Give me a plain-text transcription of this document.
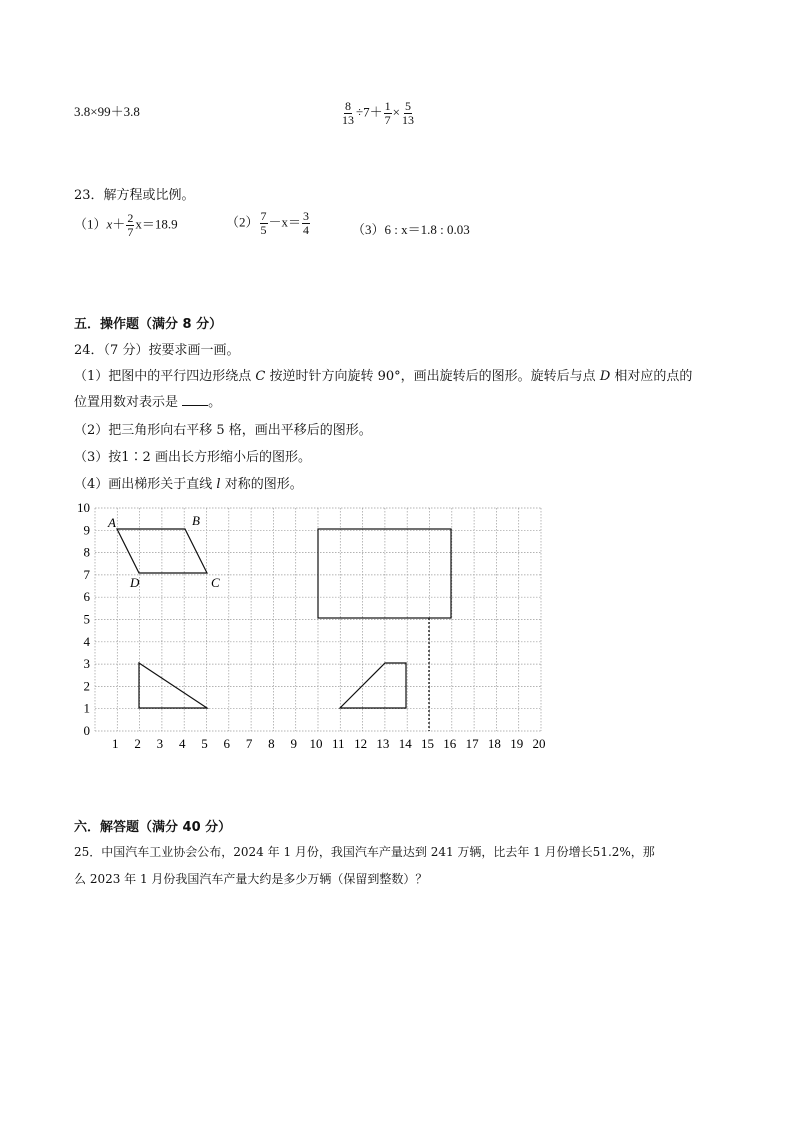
3.8×99＋3.8	$\frac{8}{13} \div 7+ \frac{1}{7} \times \frac{5}{13}$
23．解方程或比例。
$(1)x+ \frac{2}{7} x=18.9$	$(2) \frac{7}{5} -x= \frac{3}{4}$	（3）6 : x＝1.8 : 0.03
五．操作题（满分 8 分）
24．（7 分）按要求画一画。
（1）把图中的平行四边形绕点 C 按逆时针方向旋转 90°，画出旋转后的图形。旋转后与点 D 相对应的点的
位置用数对表示是 。
（2）把三角形向右平移 5 格，画出平移后的图形。
（3）按1∶2 画出长方形缩小后的图形。
（4）画出梯形关于直线 l 对称的图形。
1 2 3 4 5 6 7 8 9 10 11 12 13 14 15 16 17 18 19 20
0
1
2
3
4
5
6
7
8
9
10
A	B
C
D
六．解答题（满分 40 分）
25．中国汽车工业协会公布，2024 年 1 月份，我国汽车产量达到 241 万辆，比去年 1 月份增长51.2%，那
么 2023 年 1 月份我国汽车产量大约是多少万辆（保留到整数）？
